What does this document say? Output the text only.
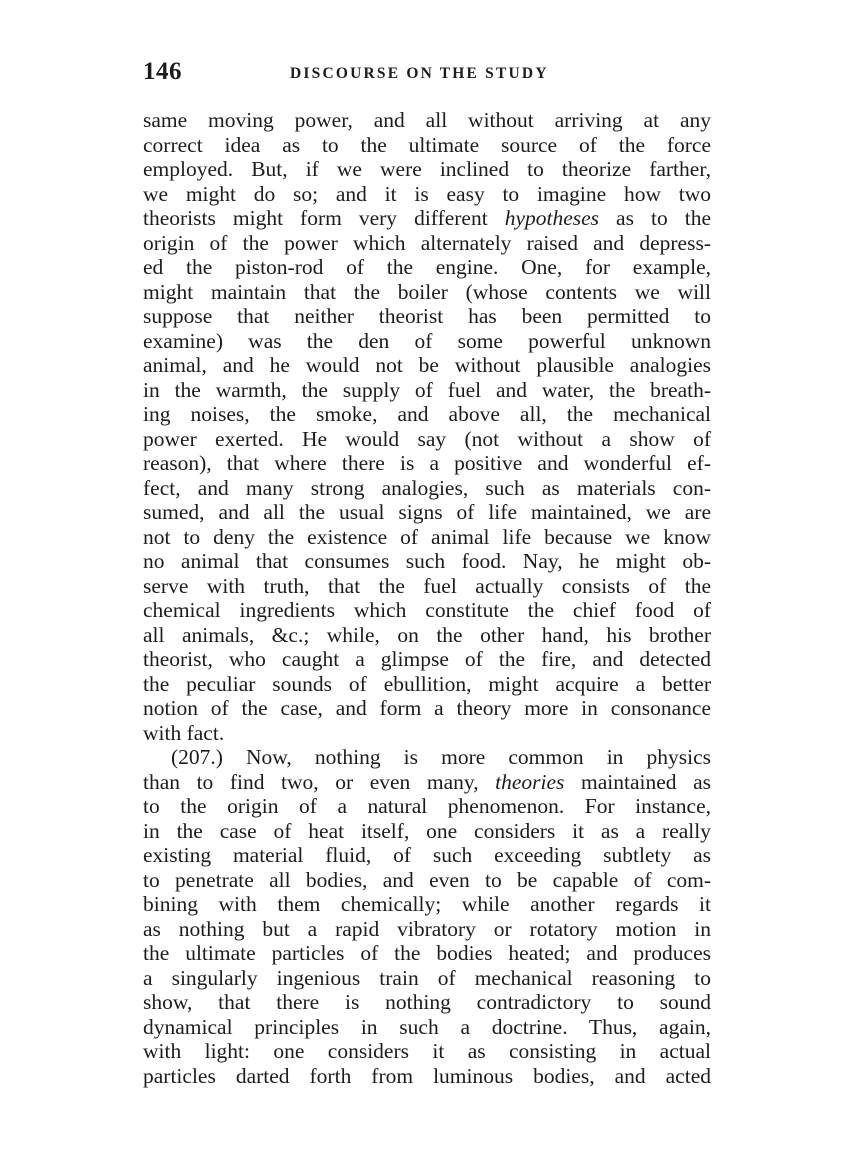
146	DISCOURSE ON THE STUDY
same moving power, and all without arriving at any
correct idea as to the ultimate source of the force
employed. But, if we were inclined to theorize farther,
we might do so; and it is easy to imagine how two
theorists might form very different hypotheses as to the
origin of the power which alternately raised and depress-
ed the piston-rod of the engine. One, for example,
might maintain that the boiler (whose contents we will
suppose that neither theorist has been permitted to
examine) was the den of some powerful unknown
animal, and he would not be without plausible analogies
in the warmth, the supply of fuel and water, the breath-
ing noises, the smoke, and above all, the mechanical
power exerted. He would say (not without a show of
reason), that where there is a positive and wonderful ef-
fect, and many strong analogies, such as materials con-
sumed, and all the usual signs of life maintained, we are
not to deny the existence of animal life because we know
no animal that consumes such food. Nay, he might ob-
serve with truth, that the fuel actually consists of the
chemical ingredients which constitute the chief food of
all animals, &c.; while, on the other hand, his brother
theorist, who caught a glimpse of the fire, and detected
the peculiar sounds of ebullition, might acquire a better
notion of the case, and form a theory more in consonance
with fact.
(207.) Now, nothing is more common in physics
than to find two, or even many, theories maintained as
to the origin of a natural phenomenon. For instance,
in the case of heat itself, one considers it as a really
existing material fluid, of such exceeding subtlety as
to penetrate all bodies, and even to be capable of com-
bining with them chemically; while another regards it
as nothing but a rapid vibratory or rotatory motion in
the ultimate particles of the bodies heated; and produces
a singularly ingenious train of mechanical reasoning to
show, that there is nothing contradictory to sound
dynamical principles in such a doctrine. Thus, again,
with light: one considers it as consisting in actual
particles darted forth from luminous bodies, and acted
